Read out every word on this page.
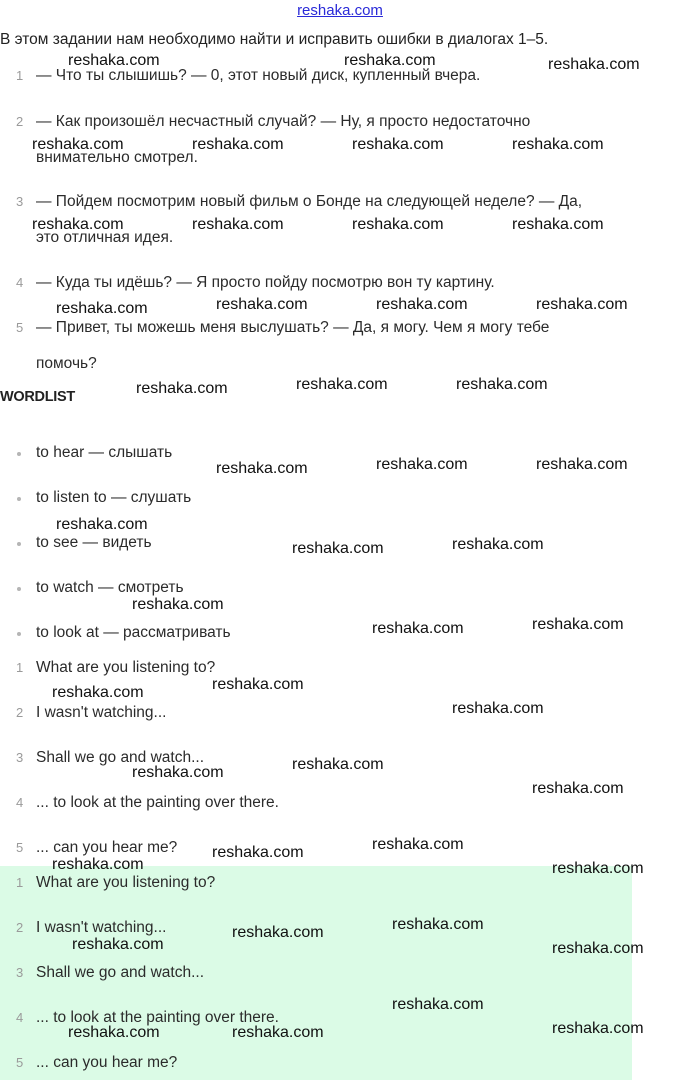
reshaka.com
В этом задании нам необходимо найти и исправить ошибки в диалогах 1–5.
1 — Что ты слышишь? — 0, этот новый диск, купленный вчера.
2 — Как произошёл несчастный случай? — Ну, я просто недостаточно
внимательно смотрел.
3 — Пойдем посмотрим новый фильм о Бонде на следующей неделе? — Да,
это отличная идея.
4 — Куда ты идёшь? — Я просто пойду посмотрю вон ту картину.
5 — Привет, ты можешь меня выслушать? — Да, я могу. Чем я могу тебе
помочь?
WORDLIST
to hear — слышать
to listen to — слушать
to see — видеть
to watch — смотреть
to look at — рассматривать
1 What are you listening to?
2 I wasn't watching...
3 Shall we go and watch...
4 ... to look at the painting over there.
5 ... can you hear me?
1 What are you listening to?
2 I wasn't watching...
3 Shall we go and watch...
4 ... to look at the painting over there.
5 ... can you hear me?
reshaka.com	reshaka.com	reshaka.com
reshaka.com	reshaka.com	reshaka.com	reshaka.com
reshaka.com	reshaka.com	reshaka.com	reshaka.com
reshaka.com	reshaka.com	reshaka.com	reshaka.com
reshaka.com	reshaka.com	reshaka.com
reshaka.com	reshaka.com	reshaka.com
reshaka.com
reshaka.com	reshaka.com
reshaka.com
reshaka.com	reshaka.com
reshaka.com	reshaka.com
reshaka.com
reshaka.com	reshaka.com
reshaka.com
reshaka.com	reshaka.com
reshaka.com	reshaka.com
reshaka.com	reshaka.com
reshaka.com	reshaka.com
reshaka.com
reshaka.com	reshaka.com	reshaka.com
